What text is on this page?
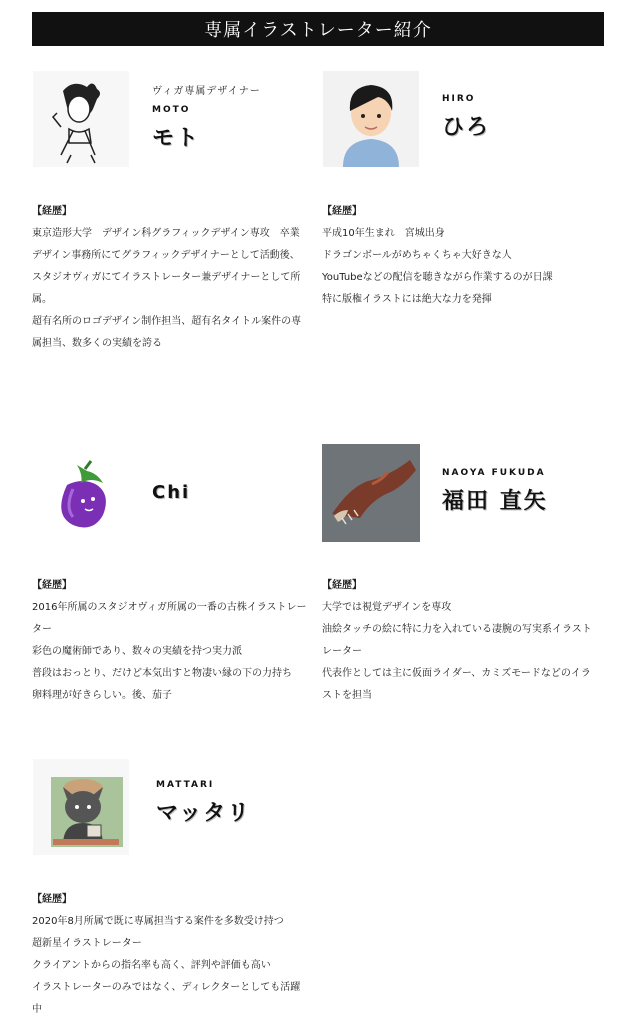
専属イラストレーター紹介
ヴィガ専属デザイナー
MOTO
モト

【経歴】

東京造形大学　デザイン科グラフィックデザイン専攻　卒業

デザイン事務所にてグラフィックデザイナーとして活動後、

スタジオヴィガにてイラストレーター兼デザイナーとして所属。

超有名所のロゴデザイン制作担当、超有名タイトル案件の専属担当、数多くの実績を誇る

HIRO
ひろ

【経歴】

平成10年生まれ　宮城出身

ドラゴンボールがめちゃくちゃ大好きな人

YouTubeなどの配信を聴きながら作業するのが日課

特に版権イラストには絶大な力を発揮

Chi

【経歴】

2016年所属のスタジオヴィガ所属の一番の古株イラストレーター

彩色の魔術師であり、数々の実績を持つ実力派

普段はおっとり、だけど本気出すと物凄い縁の下の力持ち

卵料理が好きらしい。後、茄子

NAOYA FUKUDA
福田 直矢

【経歴】

大学では視覚デザインを専攻

油絵タッチの絵に特に力を入れている凄腕の写実系イラストレーター

代表作としては主に仮面ライダー、カミズモードなどのイラストを担当

MATTARI
マッタリ

【経歴】

2020年8月所属で既に専属担当する案件を多数受け持つ

超新星イラストレーター

クライアントからの指名率も高く、評判や評価も高い

イラストレーターのみではなく、ディレクターとしても活躍中
